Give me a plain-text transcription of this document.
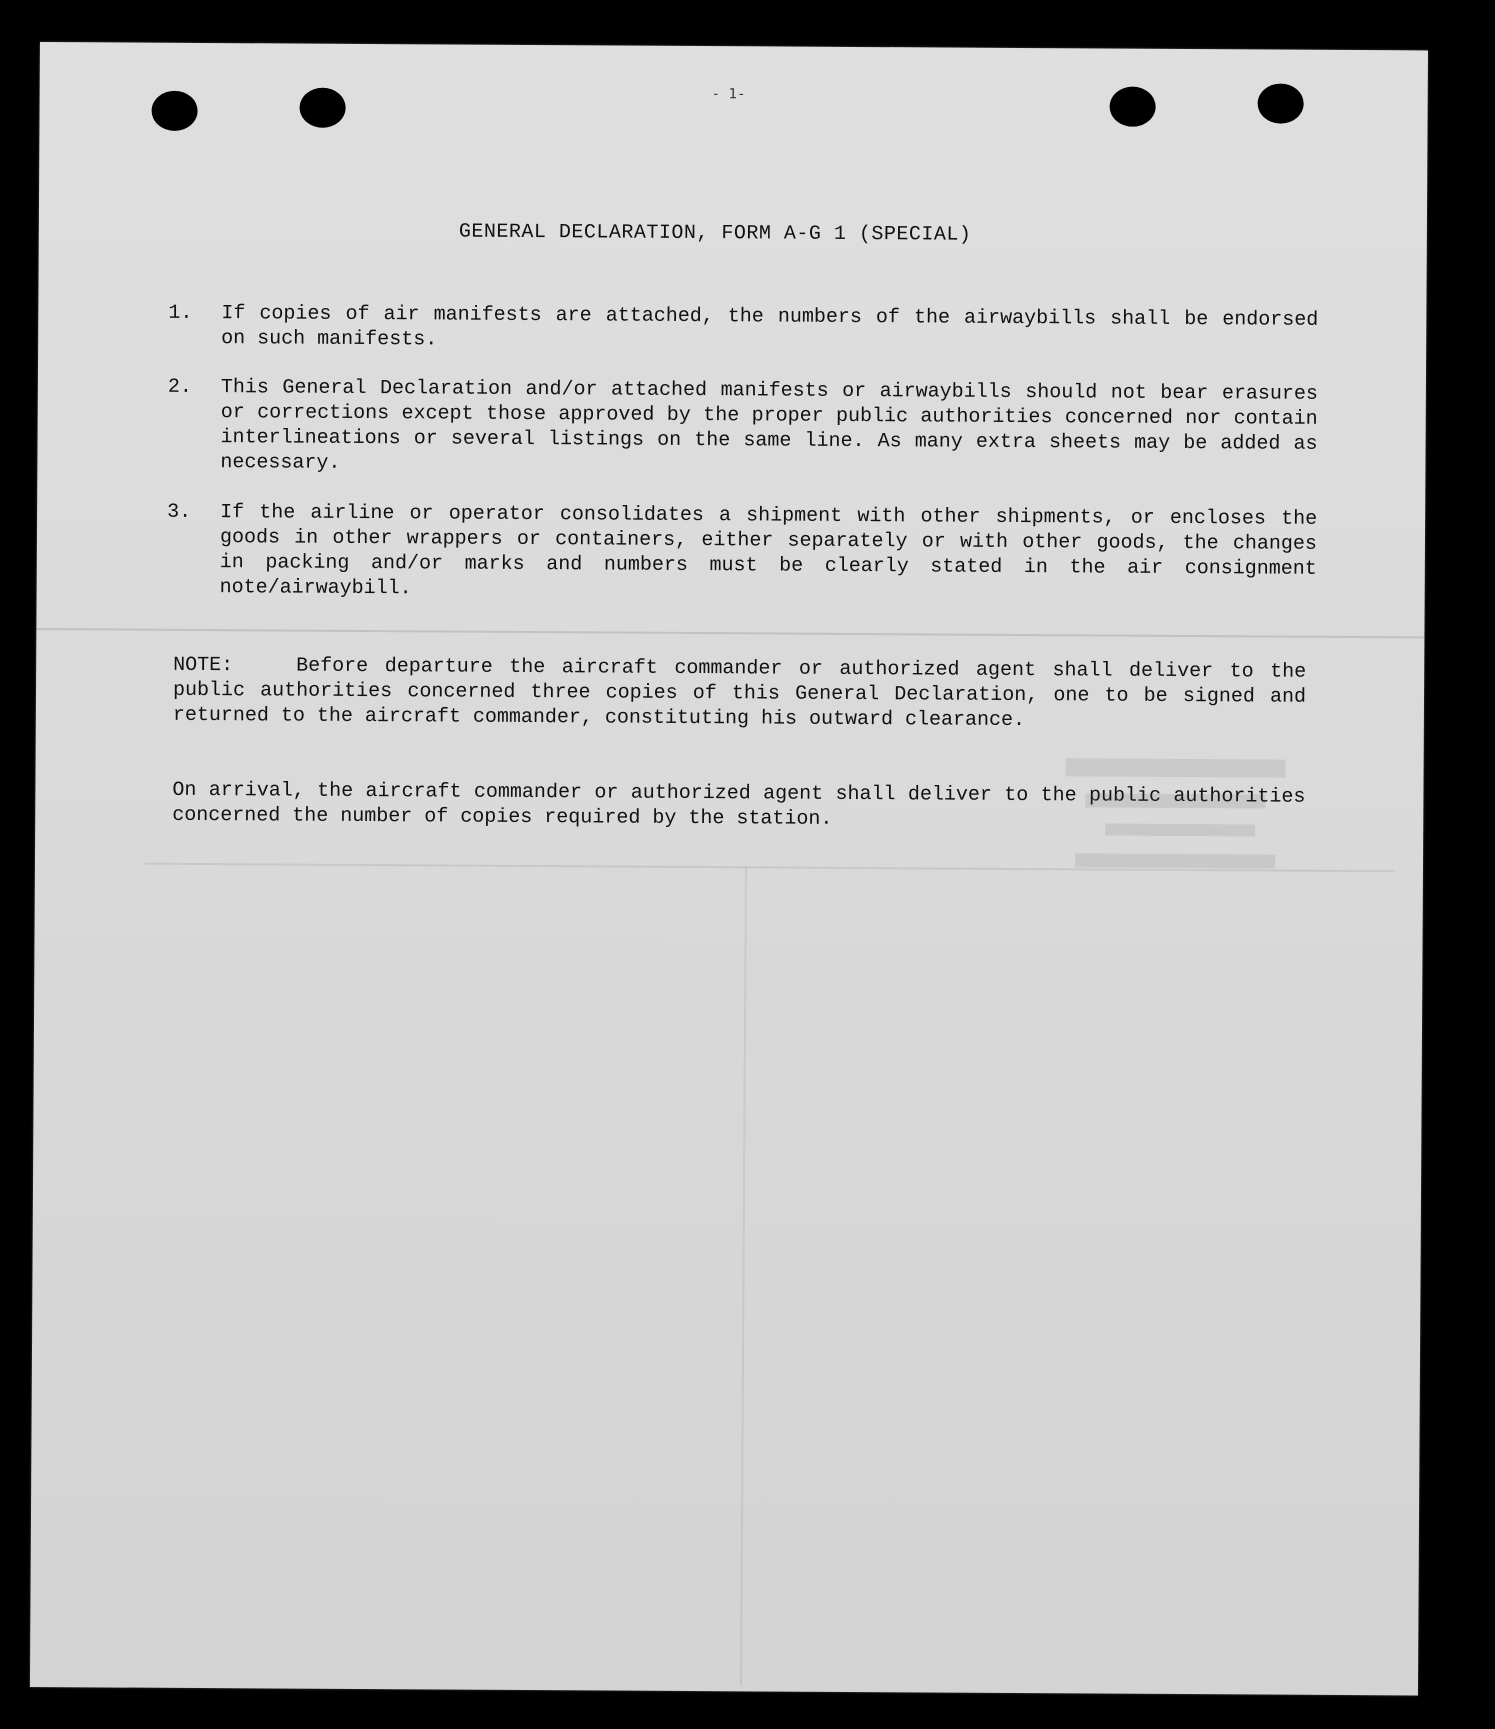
- 1-
GENERAL DECLARATION, FORM A-G 1 (SPECIAL)
1.	If copies of air manifests are attached, the numbers of the airwaybills shall be endorsed on such manifests.
2.	This General Declaration and/or attached manifests or airwaybills should not bear erasures or corrections except those approved by the proper public authorities concerned nor contain interlineations or several listings on the same line. As many extra sheets may be added as necessary.
3.	If the airline or operator consolidates a shipment with other shipments, or encloses the goods in other wrappers or containers, either separately or with other goods, the changes in packing and/or marks and numbers must be clearly stated in the air consignment note/airwaybill.
NOTE:	Before departure the aircraft commander or authorized agent shall deliver to the public authorities concerned three copies of this General Declaration, one to be signed and returned to the aircraft commander, constituting his outward clearance.
On arrival, the aircraft commander or authorized agent shall deliver to the public authorities concerned the number of copies required by the station.
